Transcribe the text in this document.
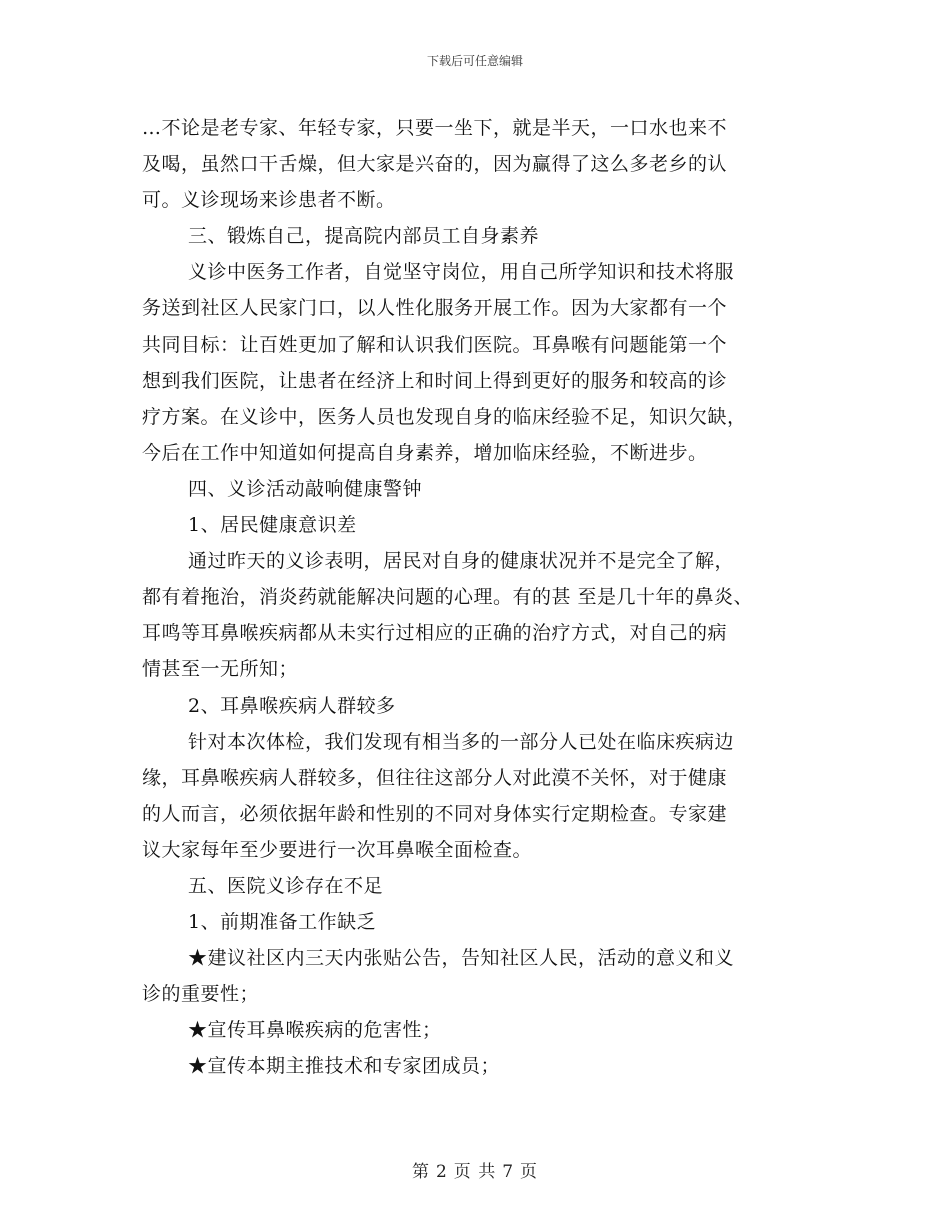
下载后可任意编辑
…不论是老专家、年轻专家，只要一坐下，就是半天，一口水也来不
及喝，虽然口干舌燥，但大家是兴奋的，因为赢得了这么多老乡的认
可。义诊现场来诊患者不断。
三、锻炼自己，提高院内部员工自身素养
义诊中医务工作者，自觉坚守岗位，用自己所学知识和技术将服
务送到社区人民家门口，以人性化服务开展工作。因为大家都有一个
共同目标：让百姓更加了解和认识我们医院。耳鼻喉有问题能第一个
想到我们医院，让患者在经济上和时间上得到更好的服务和较高的诊
疗方案。在义诊中，医务人员也发现自身的临床经验不足，知识欠缺，
今后在工作中知道如何提高自身素养，增加临床经验，不断进步。
四、义诊活动敲响健康警钟
1、居民健康意识差
通过昨天的义诊表明，居民对自身的健康状况并不是完全了解，
都有着拖治，消炎药就能解决问题的心理。有的甚 至是几十年的鼻炎、
耳鸣等耳鼻喉疾病都从未实行过相应的正确的治疗方式，对自己的病
情甚至一无所知；
2、耳鼻喉疾病人群较多
针对本次体检，我们发现有相当多的一部分人已处在临床疾病边
缘，耳鼻喉疾病人群较多，但往往这部分人对此漠不关怀，对于健康
的人而言，必须依据年龄和性别的不同对身体实行定期检查。专家建
议大家每年至少要进行一次耳鼻喉全面检查。
五、医院义诊存在不足
1、前期准备工作缺乏
★建议社区内三天内张贴公告，告知社区人民，活动的意义和义
诊的重要性；
★宣传耳鼻喉疾病的危害性；
★宣传本期主推技术和专家团成员；
第 2 页 共 7 页
